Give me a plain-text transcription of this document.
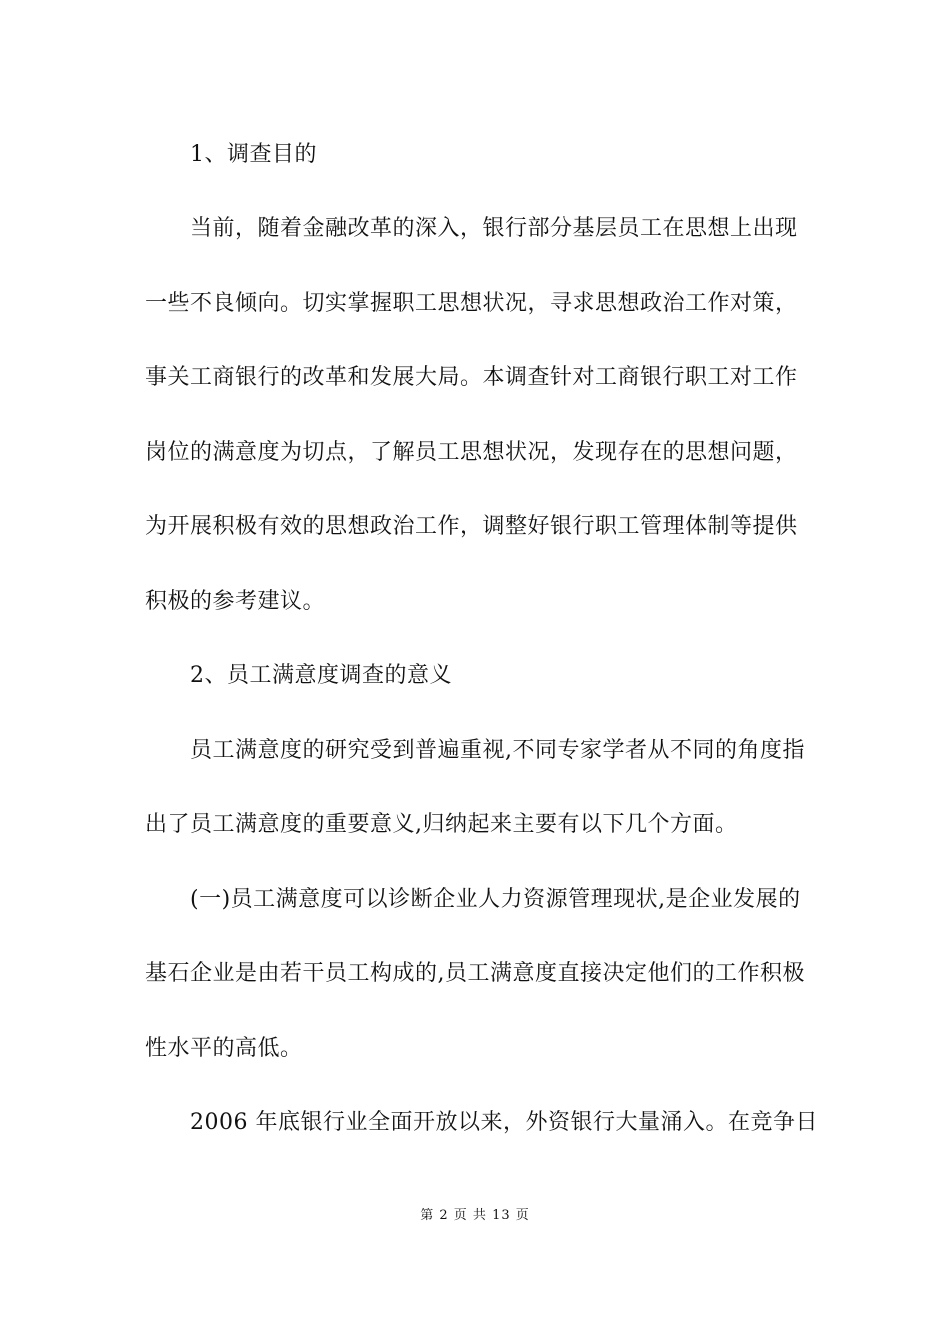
1、调查目的
当前，随着金融改革的深入，银行部分基层员工在思想上出现
一些不良倾向。切实掌握职工思想状况，寻求思想政治工作对策，
事关工商银行的改革和发展大局。本调查针对工商银行职工对工作
岗位的满意度为切点，了解员工思想状况，发现存在的思想问题，
为开展积极有效的思想政治工作，调整好银行职工管理体制等提供
积极的参考建议。
2、员工满意度调查的意义
员工满意度的研究受到普遍重视,不同专家学者从不同的角度指
出了员工满意度的重要意义,归纳起来主要有以下几个方面。
(一)员工满意度可以诊断企业人力资源管理现状,是企业发展的
基石企业是由若干员工构成的,员工满意度直接决定他们的工作积极
性水平的高低。
2006 年底银行业全面开放以来，外资银行大量涌入。在竞争日
第 2 页 共 13 页
